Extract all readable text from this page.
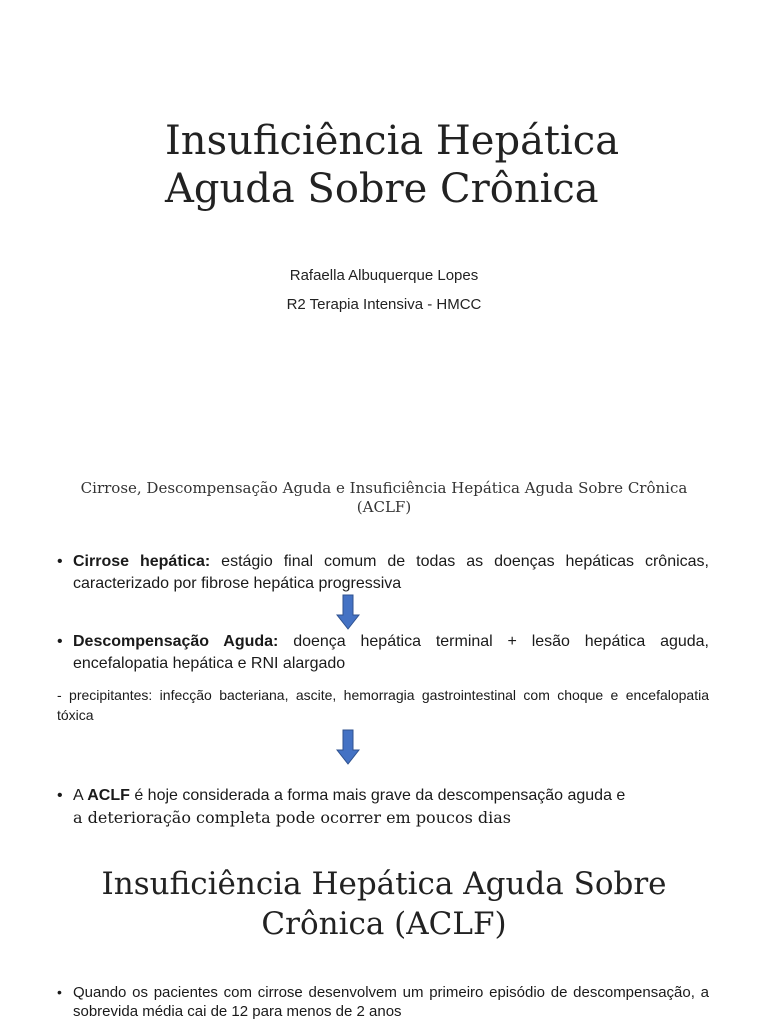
Insuficiência Hepática
Aguda Sobre Crônica
Rafaella Albuquerque Lopes
R2 Terapia Intensiva - HMCC
Cirrose, Descompensação Aguda e Insuficiência Hepática Aguda Sobre Crônica
(ACLF)
• Cirrose hepática: estágio final comum de todas as doenças hepáticas crônicas, caracterizado por fibrose hepática progressiva
• Descompensação Aguda: doença hepática terminal + lesão hepática aguda, encefalopatia hepática e RNI alargado
- precipitantes: infecção bacteriana, ascite, hemorragia gastrointestinal com choque e encefalopatia tóxica
• A ACLF é hoje considerada a forma mais grave da descompensação aguda e
a deterioração completa pode ocorrer em poucos dias
Insuficiência Hepática Aguda Sobre
Crônica (ACLF)
• Quando os pacientes com cirrose desenvolvem um primeiro episódio de descompensação, a sobrevida média cai de 12 para menos de 2 anos
